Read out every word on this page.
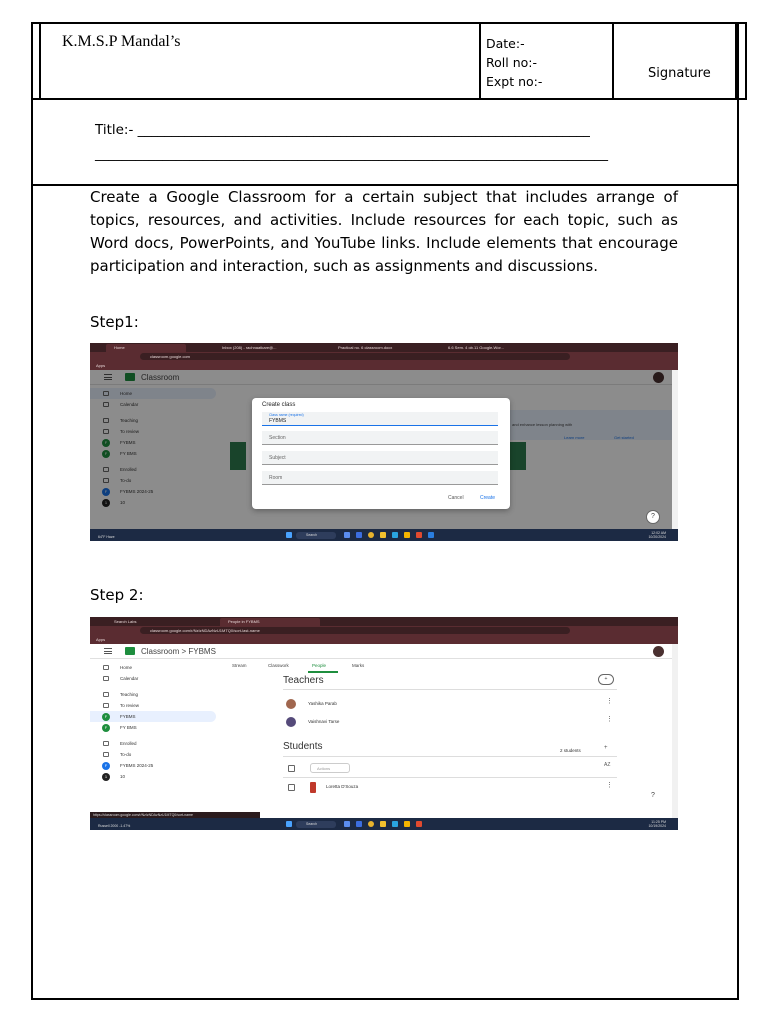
K.M.S.P Mandal’s	Date:-
Roll no:-
Expt no:-
Signature
Title:- ___________________________________________________________________
____________________________________________________________________________

Create a Google Classroom for a certain subject that includes arrange of topics, resources, and activities. Include resources for each topic, such as Word docs, PowerPoints, and YouTube links. Include elements that encourage participation and interaction, such as assignments and discussions.

Step1:
Home	Inbox (208) - rachnaatkare@...	Practical no. 6 classroom.docx	6.6 Sem. 4 ob.11 Google-Wor...
classroom.google.com
Apps
Classroom
Home
Calendar
Teaching
To review
F	FYBMS
F	FY BMS
Enrolled
To-do
F	FYBMS 2024-25
1	10
and enhance lesson planning with
Learn more	Get started
Create class
Class name (required)
FYBMS
Section
Subject
Room
Cancel	Create
?
64°F Haze	Search	12:02 AM
10/20/2024
Step 2:
Search Labs	People in FYBMS
classroom.google.com/r/NzIzNDAzNzU1MTQ0/sort-last-name
Apps
Classroom > FYBMS
Home
Calendar
Teaching
To review
F	FYBMS
F	FY BMS
Enrolled
To-do
F	FYBMS 2024-25
1	10
Stream	Classwork	People	Marks
Teachers	+
Yashika Parab	⋮
Vaishnavi Tarse	⋮
Students	2 students	+
Actions
AZ
Loretta D'Souza	⋮
?
https://classroom.google.com/r/NzIzNDAzNzU1MTQ0/sort-name
Russell 2000 -1.47%	Search	11:25 PM
10/19/2024
